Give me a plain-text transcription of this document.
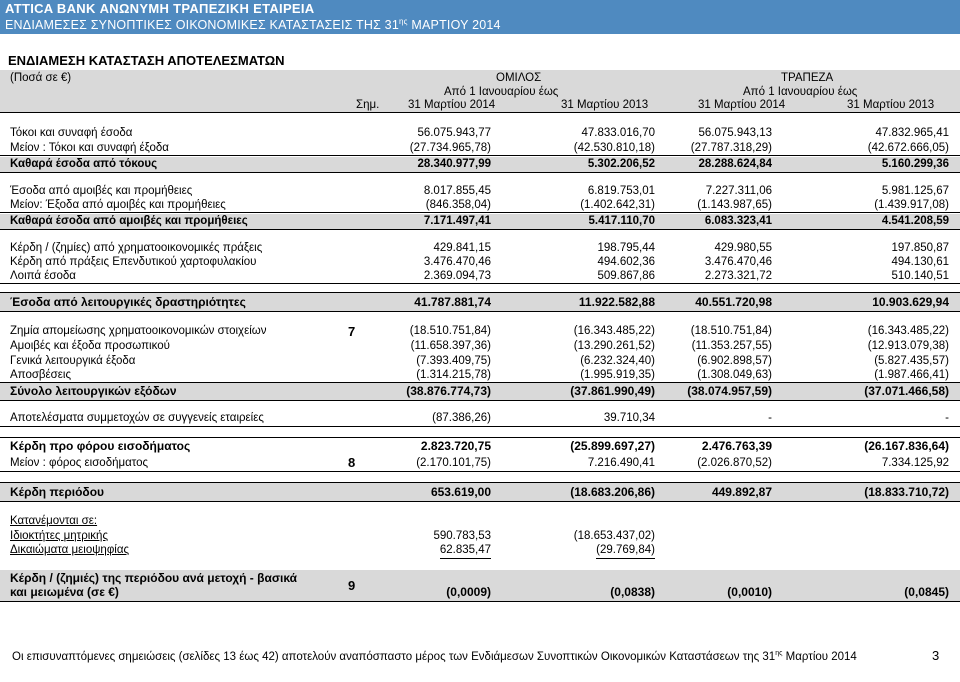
ATTICA BANK ΑΝΩΝΥΜΗ ΤΡΑΠΕΖΙΚΗ ΕΤΑΙΡΕΙΑ
ΕΝΔΙΑΜΕΣΕΣ ΣΥΝΟΠΤΙΚΕΣ ΟΙΚΟΝΟΜΙΚΕΣ ΚΑΤΑΣΤΑΣΕΙΣ ΤΗΣ $31^{\eta\varsigma}$ ΜΑΡΤΙΟΥ 2014
ΕΝΔΙΑΜΕΣΗ ΚΑΤΑΣΤΑΣΗ ΑΠΟΤΕΛΕΣΜΑΤΩΝ
(Ποσά σε €)	ΟΜΙΛΟΣ	ΤΡΑΠΕΖΑ
Από 1 Ιανουαρίου έως	Από 1 Ιανουαρίου έως
Σημ. 31 Μαρτίου 2014	31 Μαρτίου 2013	31 Μαρτίου 2014	31 Μαρτίου 2013
Τόκοι και συναφή έσοδα	56.075.943,77	47.833.016,70	56.075.943,13	47.832.965,41
Μείον : Τόκοι και συναφή έξοδα	(27.734.965,78)	(42.530.810,18)	(27.787.318,29)	(42.672.666,05)
Καθαρά έσοδα από τόκους	28.340.977,99	5.302.206,52	28.288.624,84	5.160.299,36
Έσοδα από αμοιβές και προμήθειες	8.017.855,45	6.819.753,01	7.227.311,06	5.981.125,67
Μείον: Έξοδα από αμοιβές και προμήθειες	(846.358,04)	(1.402.642,31)	(1.143.987,65)	(1.439.917,08)
Καθαρά έσοδα από αμοιβές και προμήθειες	7.171.497,41	5.417.110,70	6.083.323,41	4.541.208,59
Κέρδη / (ζημίες) από χρηματοοικονομικές πράξεις	429.841,15	198.795,44	429.980,55	197.850,87
Κέρδη από πράξεις Επενδυτικού χαρτοφυλακίου	3.476.470,46	494.602,36	3.476.470,46	494.130,61
Λοιπά έσοδα	2.369.094,73	509.867,86	2.273.321,72	510.140,51
Έσοδα από λειτουργικές δραστηριότητες	41.787.881,74	11.922.582,88	40.551.720,98	10.903.629,94
Ζημία απομείωσης χρηματοοικονομικών στοιχείων	7	(18.510.751,84)	(16.343.485,22)	(18.510.751,84)	(16.343.485,22)
Αμοιβές και έξοδα προσωπικού	(11.658.397,36)	(13.290.261,52)	(11.353.257,55)	(12.913.079,38)
Γενικά λειτουργικά έξοδα	(7.393.409,75)	(6.232.324,40)	(6.902.898,57)	(5.827.435,57)
Αποσβέσεις	(1.314.215,78)	(1.995.919,35)	(1.308.049,63)	(1.987.466,41)
Σύνολο λειτουργικών εξόδων	(38.876.774,73)	(37.861.990,49)	(38.074.957,59)	(37.071.466,58)
Αποτελέσματα συμμετοχών σε συγγενείς εταιρείες	(87.386,26)	39.710,34	-	-
Κέρδη προ φόρου εισοδήματος	2.823.720,75	(25.899.697,27)	2.476.763,39	(26.167.836,64)
Μείον : φόρος εισοδήματος	8	(2.170.101,75)	7.216.490,41	(2.026.870,52)	7.334.125,92
Κέρδη περιόδου	653.619,00	(18.683.206,86)	449.892,87	(18.833.710,72)
Κατανέμονται σε:
Ιδιοκτήτες μητρικής	590.783,53	(18.653.437,02)
Δικαιώματα μειοψηφίας	62.835,47	(29.769,84)
Κέρδη / (ζημιές) της περιόδου ανά μετοχή - βασικά
και μειωμένα (σε €)	9	(0,0009)	(0,0838)	(0,0010)	(0,0845)
Οι επισυναπτόμενες σημειώσεις (σελίδες 13 έως 42) αποτελούν αναπόσπαστο μέρος των Ενδιάμεσων Συνοπτικών Οικονομικών Καταστάσεων της $31^{\eta\varsigma}$ Μαρτίου 2014	3
